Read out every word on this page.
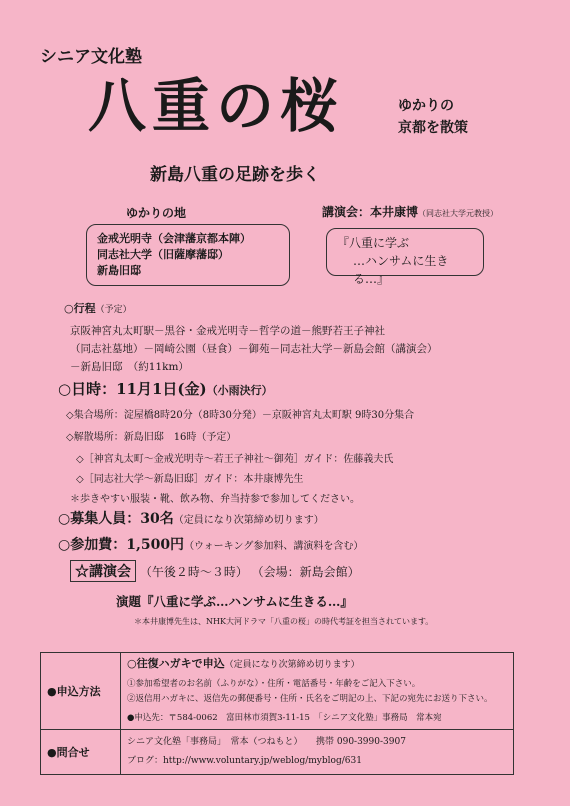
シニア文化塾
八重の桜	ゆかりの
京都を散策
新島八重の足跡を歩く
ゆかりの地
金戒光明寺（会津藩京都本陣）
同志社大学（旧薩摩藩邸）
新島旧邸
講演会：本井康博（同志社大学元教授）
『八重に学ぶ
…ハンサムに生きる…』
○行程（予定）
京阪神宮丸太町駅－黒谷・金戒光明寺－哲学の道－熊野若王子神社
（同志社墓地）－岡崎公園（昼食）－御苑－同志社大学－新島会館（講演会）
－新島旧邸　（約11km）
○日時：11月1日(金)（小雨決行）
◇集合場所：淀屋橋8時20分（8時30分発）－京阪神宮丸太町駅 9時30分集合
◇解散場所：新島旧邸　16時（予定）
◇［神宮丸太町～金戒光明寺～若王子神社～御苑］ガイド：佐藤義夫氏
◇［同志社大学～新島旧邸］ガイド：本井康博先生
＊歩きやすい服装・靴、飲み物、弁当持参で参加してください。
○募集人員：30名（定員になり次第締め切ります）
○参加費：1,500円（ウォーキング参加料、講演料を含む）
☆講演会 （午後２時～３時） （会場：新島会館）
演題『八重に学ぶ…ハンサムに生きる…』
＊本井康博先生は、NHK大河ドラマ「八重の桜」の時代考証を担当されています。
●申込方法	○往復ハガキで申込（定員になり次第締め切ります）
①参加希望者のお名前（ふりがな）・住所・電話番号・年齢をご記入下さい。
②返信用ハガキに、返信先の郵便番号・住所・氏名をご明記の上、下記の宛先にお送り下さい。
●申込先：〒584-0062　富田林市須賀3-11-15　「シニア文化塾」事務局　常本宛

●問合せ	シニア文化塾「事務局」　常本（つねもと）　　携帯 090-3990-3907
ブログ：http://www.voluntary.jp/weblog/myblog/631
